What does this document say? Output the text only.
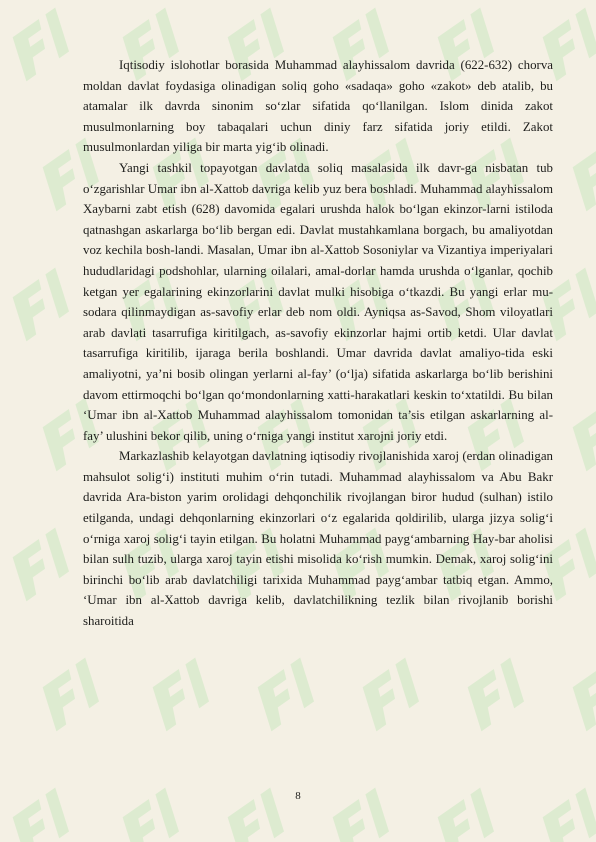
Iqtisodiy islohotlar borasida Muhammad alayhissalom davrida (622-632) chorva moldan davlat foydasiga olinadigan soliq goho «sadaqa» goho «zakot» deb atalib, bu atamalar ilk davrda sinonim soʻzlar sifatida qoʻllanilgan. Islom dinida zakot musulmonlarning boy tabaqalari uchun diniy farz sifatida joriy etildi. Zakot musulmonlardan yiliga bir marta yigʻib olinadi.

Yangi tashkil topayotgan davlatda soliq masalasida ilk davr-ga nisbatan tub oʻzgarishlar Umar ibn al-Xattob davriga kelib yuz bera boshladi. Muhammad alayhissalom Xaybarni zabt etish (628) davomida egalari urushda halok boʻlgan ekinzor-larni istiloda qatnashgan askarlarga boʻlib bergan edi. Davlat mustahkamlana borgach, bu amaliyotdan voz kechila bosh-landi. Masalan, Umar ibn al-Xattob Sosoniylar va Vizantiya imperiyalari hududlaridagi podshohlar, ularning oilalari, amal-dorlar hamda urushda oʻlganlar, qochib ketgan yer egalarining ekinzorlarini davlat mulki hisobiga oʻtkazdi. Bu yangi erlar mu-sodara qilinmaydigan as-savofiy erlar deb nom oldi. Ayniqsa as-Savod, Shom viloyatlari arab davlati tasarrufiga kiritilgach, as-savofiy ekinzorlar hajmi ortib ketdi. Ular davlat tasarrufiga kiritilib, ijaraga berila boshlandi. Umar davrida davlat amaliyo-tida eski amaliyotni, ya’ni bosib olingan yerlarni al-fay’ (oʻlja) sifatida askarlarga boʻlib berishini davom ettirmoqchi boʻlgan qoʻmondonlarning xatti-harakatlari keskin toʻxtatildi. Bu bilan ‘Umar ibn al-Xattob Muhammad alayhissalom tomonidan ta’sis etilgan askarlarning al-fay’ ulushini bekor qilib, uning oʻrniga yangi institut xarojni joriy etdi.

Markazlashib kelayotgan davlatning iqtisodiy rivojlanishida xaroj (erdan olinadigan mahsulot soligʻi) instituti muhim oʻrin tutadi. Muhammad alayhissalom va Abu Bakr davrida Ara-biston yarim orolidagi dehqonchilik rivojlangan biror hudud (sulhan) istilo etilganda, undagi dehqonlarning ekinzorlari oʻz egalarida qoldirilib, ularga jizya soligʻi oʻrniga xaroj soligʻi tayin etilgan. Bu holatni Muhammad paygʻambarning Hay-bar aholisi bilan sulh tuzib, ularga xaroj tayin etishi misolida koʻrish mumkin. Demak, xaroj soligʻini birinchi boʻlib arab davlatchiligi tarixida Muhammad paygʻambar tatbiq etgan. Ammo, ‘Umar ibn al-Xattob davriga kelib, davlatchilikning tezlik bilan rivojlanib borishi sharoitida

8
